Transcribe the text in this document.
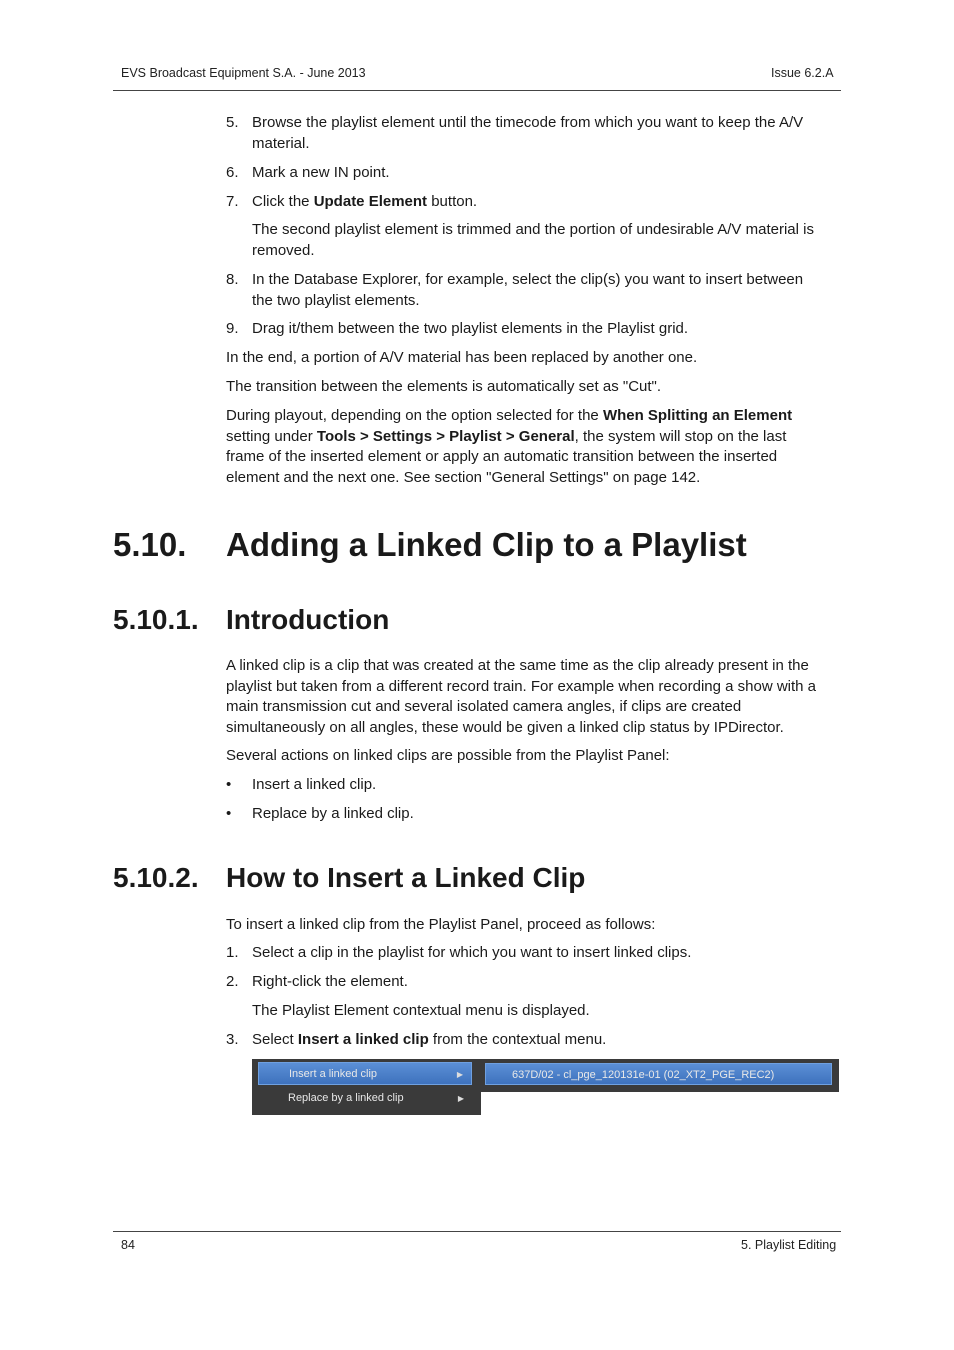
EVS Broadcast Equipment S.A. - June 2013	Issue 6.2.A
5. Browse the playlist element until the timecode from which you want to keep the A/V
material.
6. Mark a new IN point.
7. Click the Update Element button.
The second playlist element is trimmed and the portion of undesirable A/V material is
removed.
8. In the Database Explorer, for example, select the clip(s) you want to insert between
the two playlist elements.
9. Drag it/them between the two playlist elements in the Playlist grid.
In the end, a portion of A/V material has been replaced by another one.
The transition between the elements is automatically set as "Cut".
During playout, depending on the option selected for the When Splitting an Element
setting under Tools > Settings > Playlist > General, the system will stop on the last
frame of the inserted element or apply an automatic transition between the inserted
element and the next one. See section "General Settings" on page 142.
5.10. Adding a Linked Clip to a Playlist
5.10.1. Introduction
A linked clip is a clip that was created at the same time as the clip already present in the
playlist but taken from a different record train. For example when recording a show with a
main transmission cut and several isolated camera angles, if clips are created
simultaneously on all angles, these would be given a linked clip status by IPDirector.
Several actions on linked clips are possible from the Playlist Panel:
• Insert a linked clip.
• Replace by a linked clip.
5.10.2. How to Insert a Linked Clip
To insert a linked clip from the Playlist Panel, proceed as follows:
1. Select a clip in the playlist for which you want to insert linked clips.
2. Right-click the element.
The Playlist Element contextual menu is displayed.
3. Select Insert a linked clip from the contextual menu.
Insert a linked clip	▶
Replace by a linked clip	▶
637D/02 - cl_pge_120131e-01 (02_XT2_PGE_REC2)
84	5. Playlist Editing
